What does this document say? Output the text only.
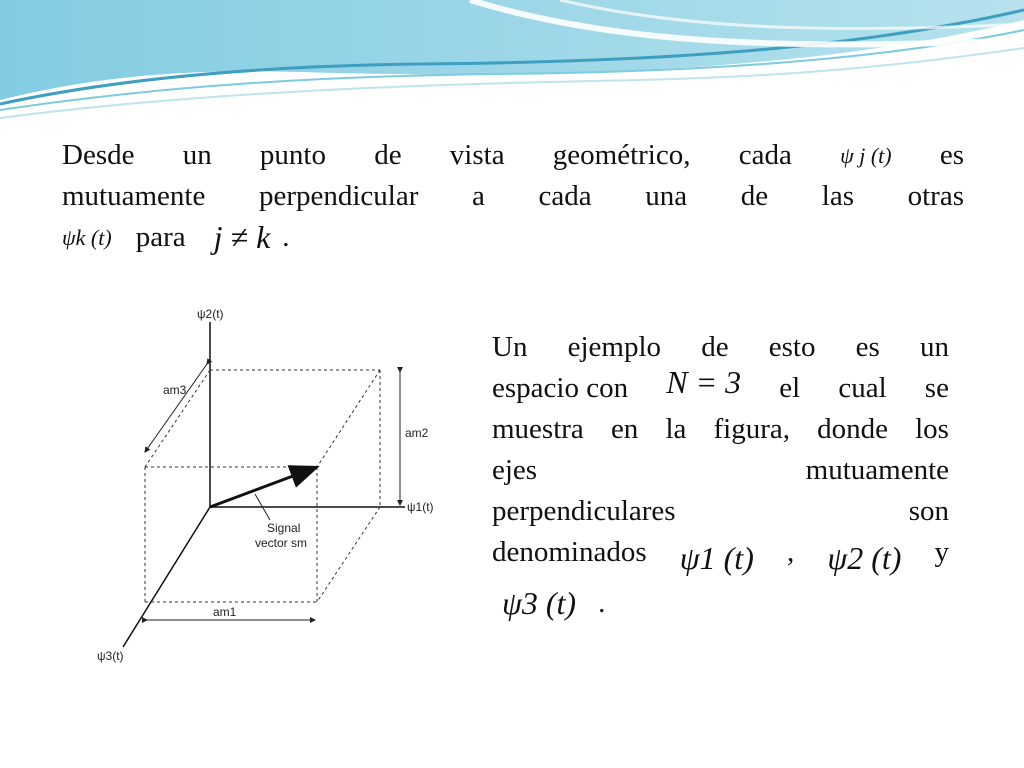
Desde un punto de vista geométrico, cada ψ j (t) es
mutuamente perpendicular a cada una de las otras
ψk (t) para j ≠ k .
ψ2(t)
ψ1(t)
ψ3(t)
am1
am2
am3
Signal
vector sm
Un ejemplo de esto es un
espacio con N = 3 el cual se
muestra en la figura, donde los
ejes	mutuamente
perpendiculares	son
denominados ψ1 (t) , ψ2 (t) y
ψ3 (t) .
